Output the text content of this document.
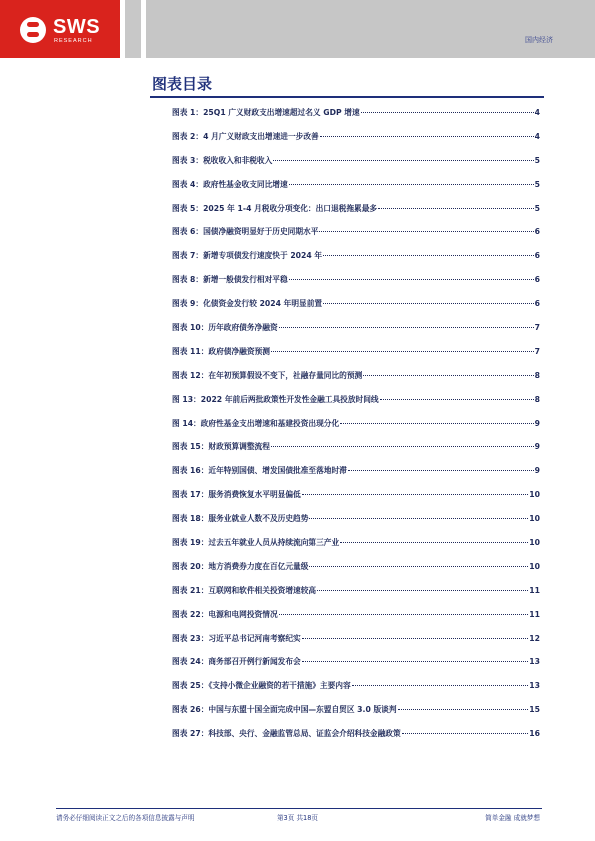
SWS
RESEARCH	国内经济
图表目录
图表 1：25Q1 广义财政支出增速超过名义 GDP 增速	4
图表 2：4 月广义财政支出增速进一步改善	4
图表 3：税收收入和非税收入	5
图表 4：政府性基金收支同比增速	5
图表 5：2025 年 1-4 月税收分项变化：出口退税拖累最多	5
图表 6：国债净融资明显好于历史同期水平	6
图表 7：新增专项债发行速度快于 2024 年	6
图表 8：新增一般债发行相对平稳	6
图表 9：化债资金发行较 2024 年明显前置	6
图表 10：历年政府债务净融资	7
图表 11：政府债净融资预测	7
图表 12：在年初预算假设不变下，社融存量同比的预测	8
图 13：2022 年前后两批政策性开发性金融工具投放时间线	8
图 14：政府性基金支出增速和基建投资出现分化	9
图表 15：财政预算调整流程	9
图表 16：近年特别国债、增发国债批准至落地时滞	9
图表 17：服务消费恢复水平明显偏低	10
图表 18：服务业就业人数不及历史趋势	10
图表 19：过去五年就业人员从持续流向第三产业	10
图表 20：地方消费券力度在百亿元量级	10
图表 21：互联网和软件相关投资增速较高	11
图表 22：电源和电网投资情况	11
图表 23：习近平总书记河南考察纪实	12
图表 24：商务部召开例行新闻发布会	13
图表 25：《支持小微企业融资的若干措施》主要内容	13
图表 26：中国与东盟十国全面完成中国—东盟自贸区 3.0 版谈判	15
图表 27：科技部、央行、金融监管总局、证监会介绍科技金融政策	16
请务必仔细阅读正文之后的各项信息披露与声明	第3页 共18页	简单金融 成就梦想
